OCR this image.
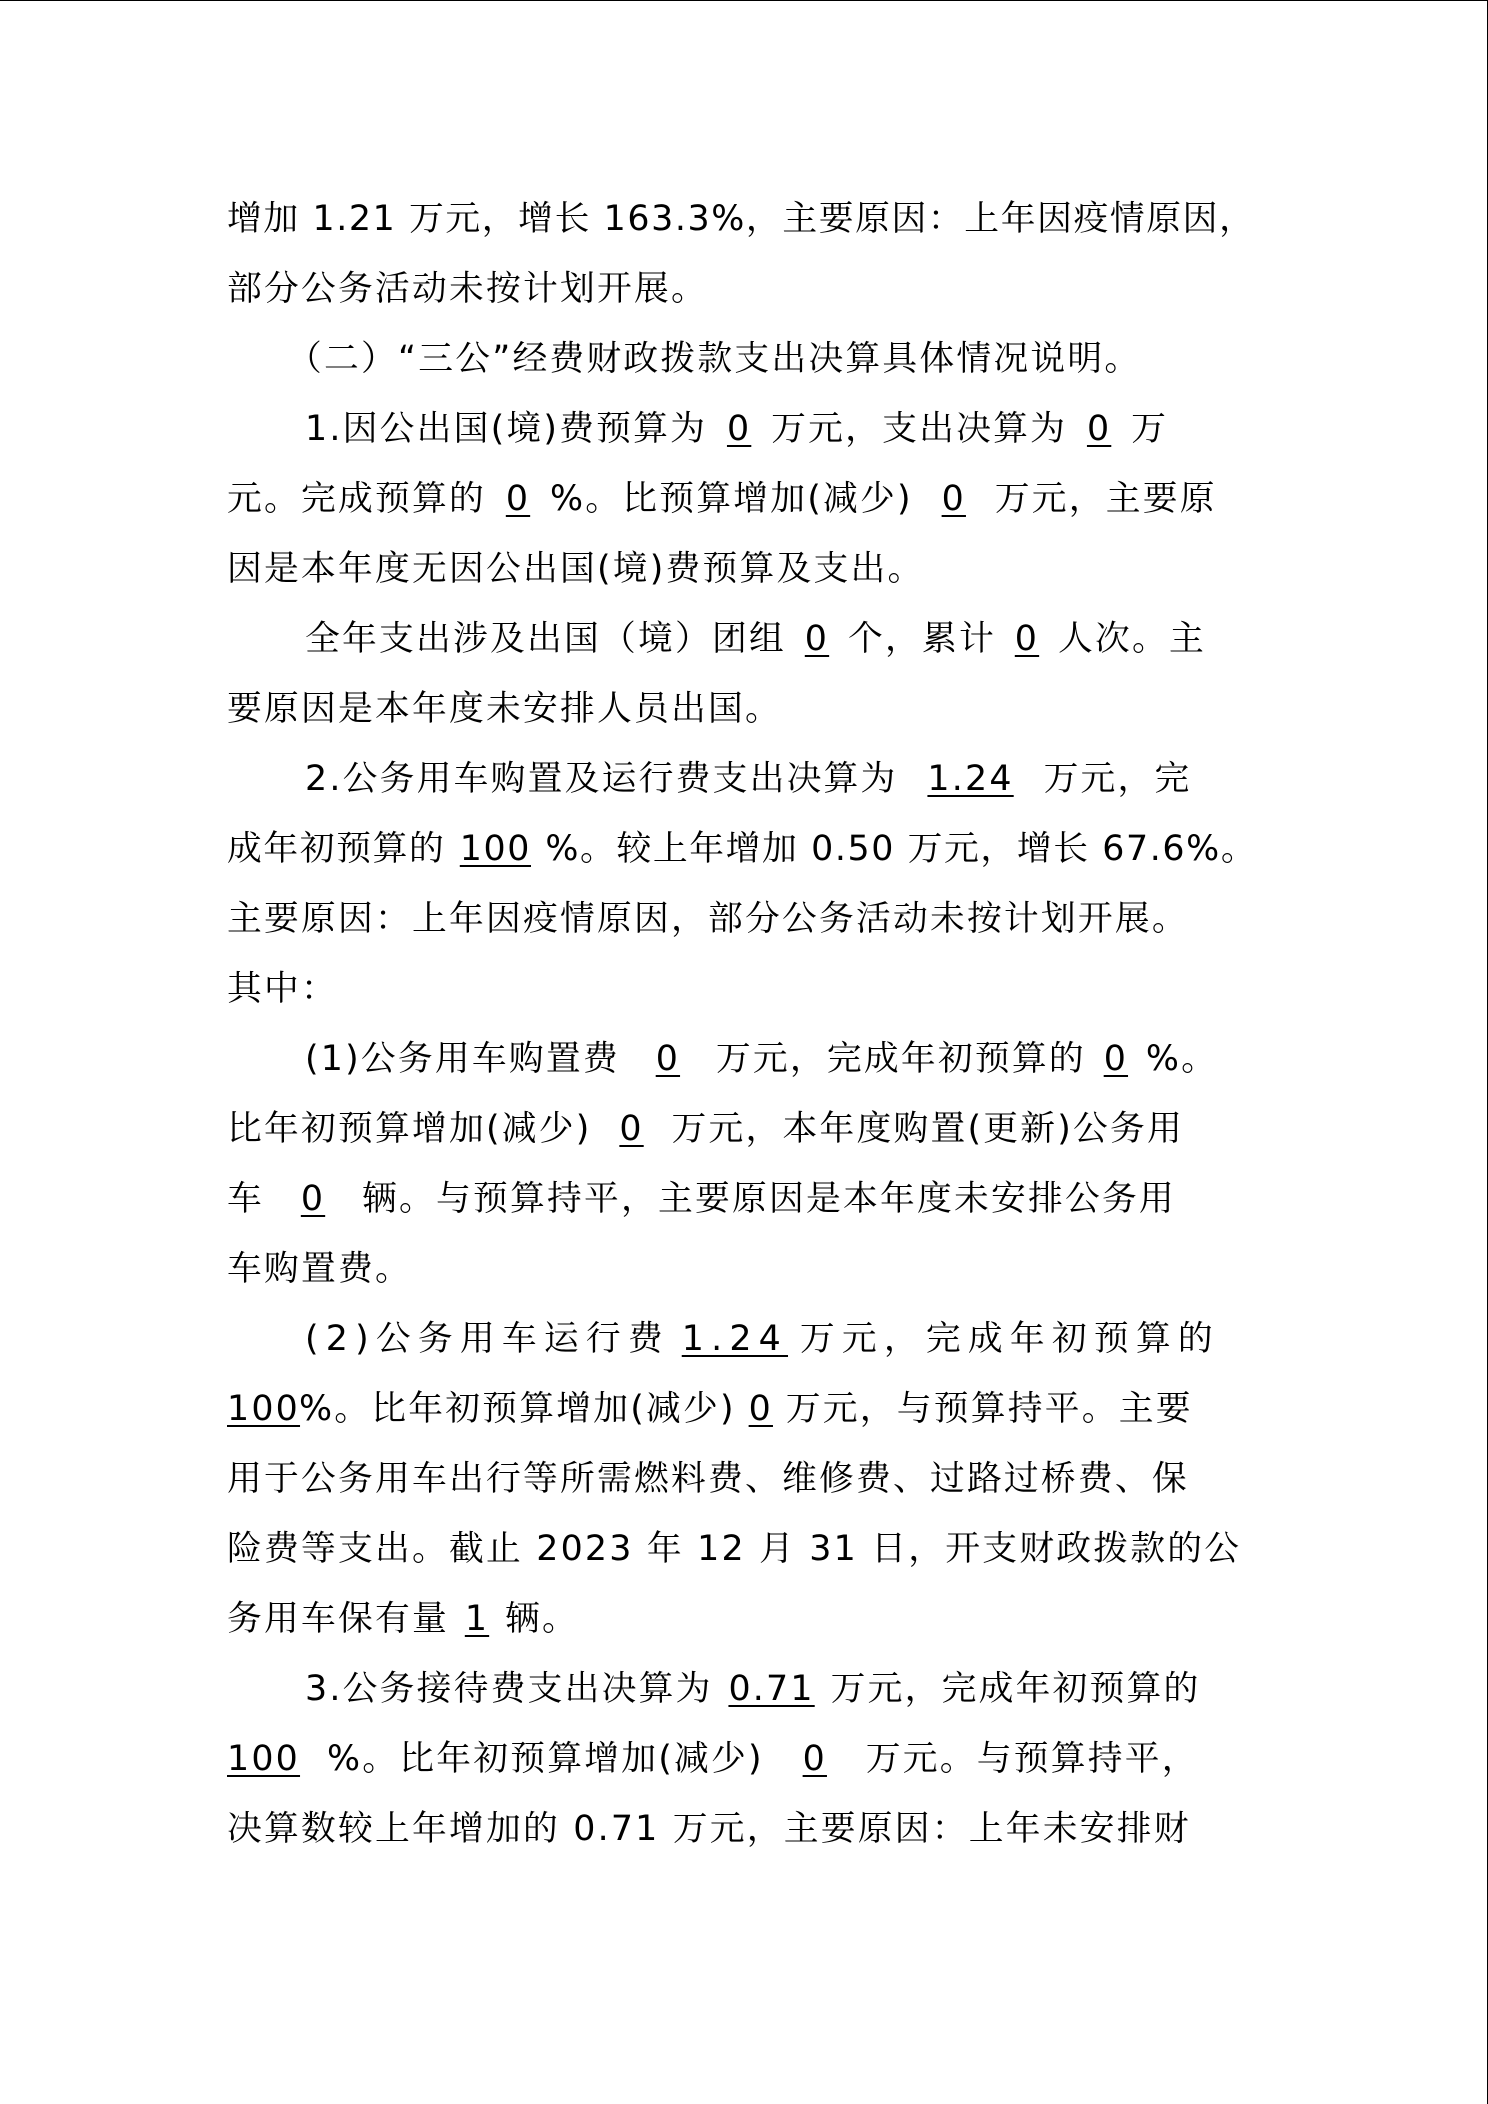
增加 1.21 万元，增长 163.3%，主要原因：上年因疫情原因，
部分公务活动未按计划开展。
（二）“三公”经费财政拨款支出决算具体情况说明。
1.因公出国(境)费预算为 0 万元，支出决算为 0 万
元。完成预算的 0 %。比预算增加(减少) 0 万元，主要原
因是本年度无因公出国(境)费预算及支出。
全年支出涉及出国（境）团组 0 个，累计 0 人次。主
要原因是本年度未安排人员出国。
2.公务用车购置及运行费支出决算为 1.24 万元，完
成年初预算的 100 %。较上年增加 0.50 万元，增长 67.6%。
主要原因：上年因疫情原因，部分公务活动未按计划开展。
其中：
(1)公务用车购置费 0 万元，完成年初预算的 0 %。
比年初预算增加(减少) 0 万元，本年度购置(更新)公务用
车 0 辆。与预算持平，主要原因是本年度未安排公务用
车购置费。
(2)公务用车运行费 1.24 万元，完成年初预算的
100%。比年初预算增加(减少) 0 万元，与预算持平。主要
用于公务用车出行等所需燃料费、维修费、过路过桥费、保
险费等支出。截止 2023 年 12 月 31 日，开支财政拨款的公
务用车保有量 1 辆。
3.公务接待费支出决算为 0.71 万元，完成年初预算的
100 %。比年初预算增加(减少) 0 万元。与预算持平，
决算数较上年增加的 0.71 万元，主要原因：上年未安排财
